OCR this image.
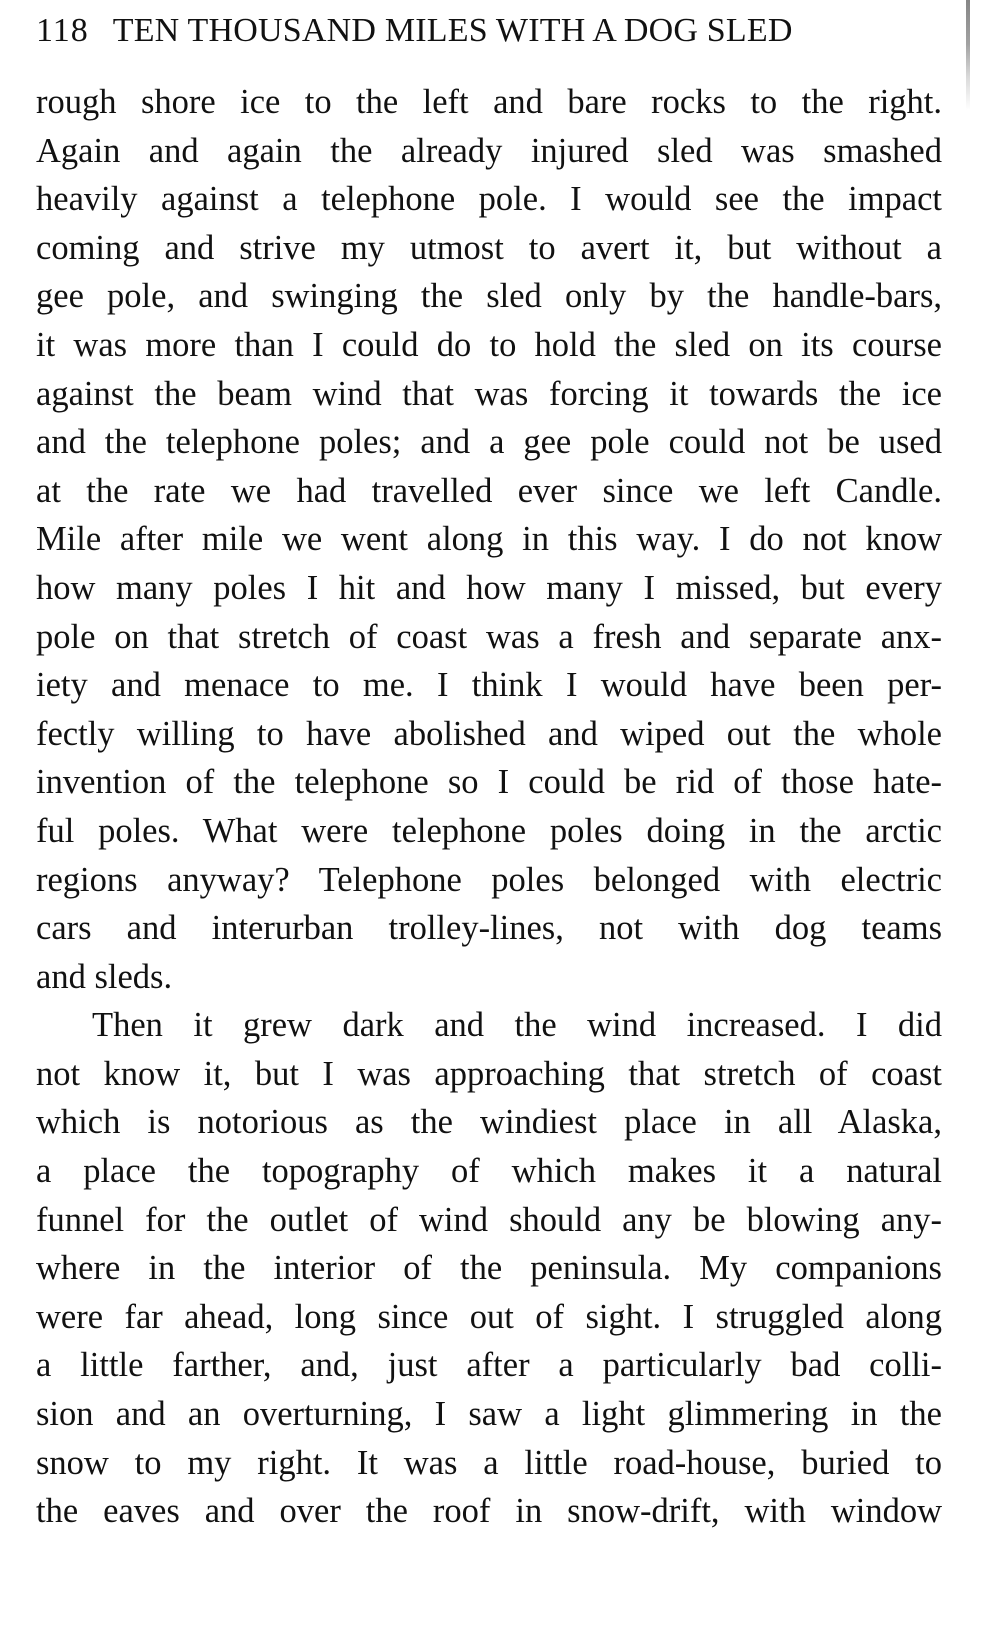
118 TEN THOUSAND MILES WITH A DOG SLED
rough shore ice to the left and bare rocks to the right.
Again and again the already injured sled was smashed
heavily against a telephone pole. I would see the impact
coming and strive my utmost to avert it, but without a
gee pole, and swinging the sled only by the handle-bars,
it was more than I could do to hold the sled on its course
against the beam wind that was forcing it towards the ice
and the telephone poles; and a gee pole could not be used
at the rate we had travelled ever since we left Candle.
Mile after mile we went along in this way. I do not know
how many poles I hit and how many I missed, but every
pole on that stretch of coast was a fresh and separate anx-
iety and menace to me. I think I would have been per-
fectly willing to have abolished and wiped out the whole
invention of the telephone so I could be rid of those hate-
ful poles. What were telephone poles doing in the arctic
regions anyway? Telephone poles belonged with electric
cars and interurban trolley-lines, not with dog teams
and sleds.
Then it grew dark and the wind increased. I did
not know it, but I was approaching that stretch of coast
which is notorious as the windiest place in all Alaska,
a place the topography of which makes it a natural
funnel for the outlet of wind should any be blowing any-
where in the interior of the peninsula. My companions
were far ahead, long since out of sight. I struggled along
a little farther, and, just after a particularly bad colli-
sion and an overturning, I saw a light glimmering in the
snow to my right. It was a little road-house, buried to
the eaves and over the roof in snow-drift, with window
